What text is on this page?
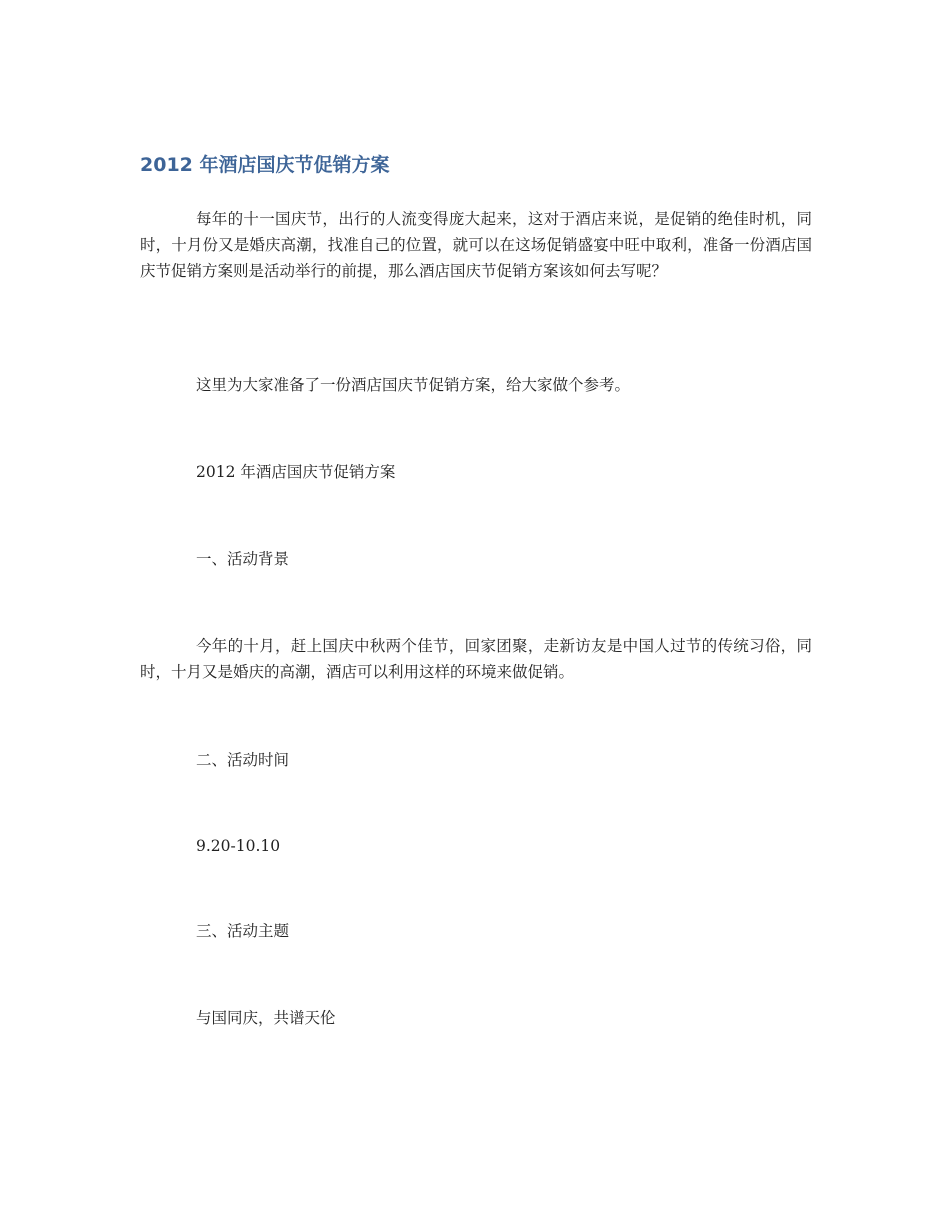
2012 年酒店国庆节促销方案

每年的十一国庆节，出行的人流变得庞大起来，这对于酒店来说，是促销的绝佳时机，同时，十月份又是婚庆高潮，找准自己的位置，就可以在这场促销盛宴中旺中取利，准备一份酒店国庆节促销方案则是活动举行的前提，那么酒店国庆节促销方案该如何去写呢？

这里为大家准备了一份酒店国庆节促销方案，给大家做个参考。

2012 年酒店国庆节促销方案

一、活动背景

今年的十月，赶上国庆中秋两个佳节，回家团聚，走新访友是中国人过节的传统习俗，同时，十月又是婚庆的高潮，酒店可以利用这样的环境来做促销。

二、活动时间

9.20-10.10

三、活动主题

与国同庆，共谱天伦
